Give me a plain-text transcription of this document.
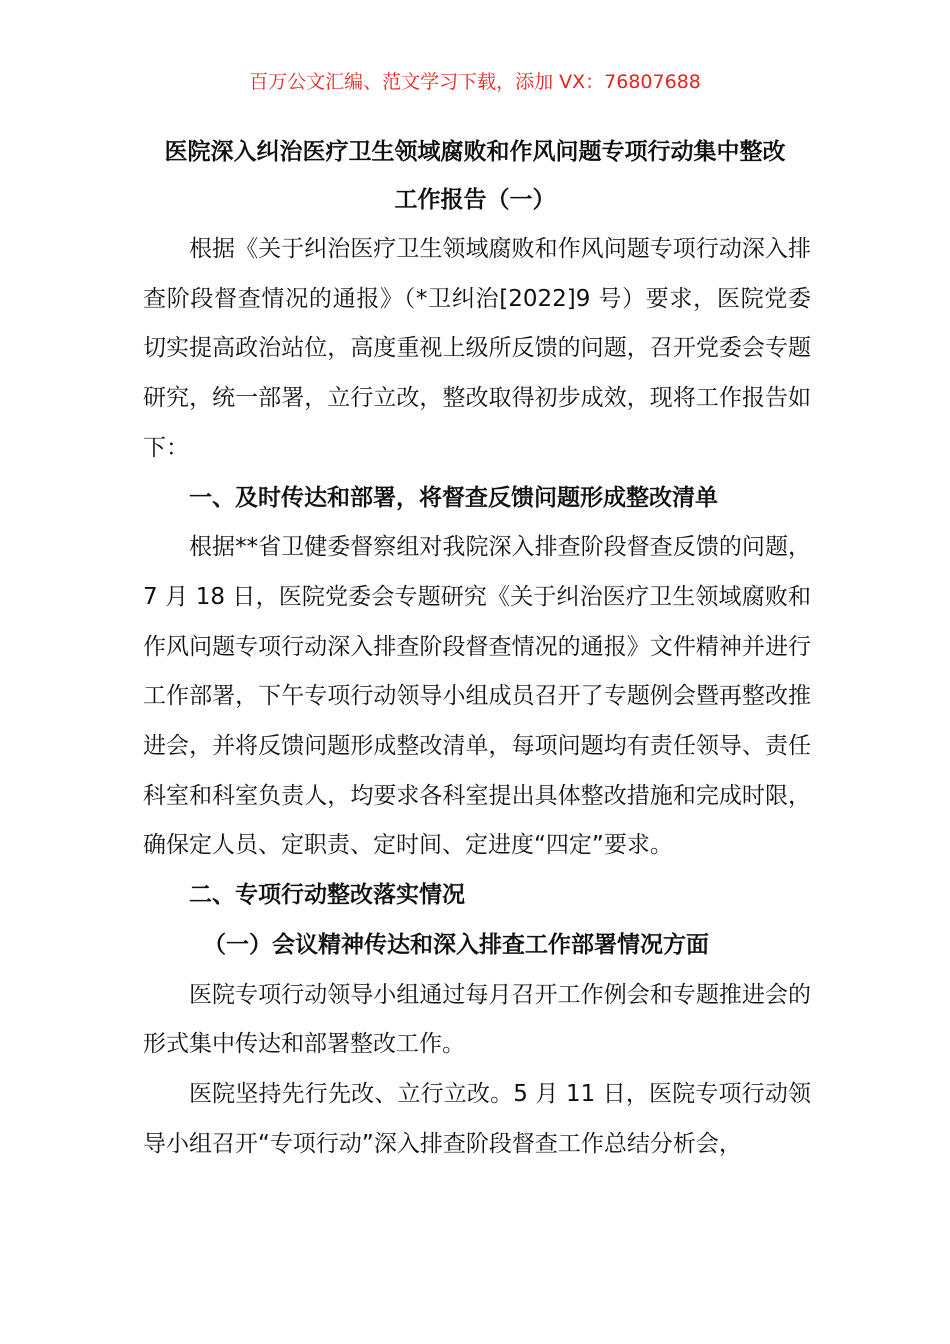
百万公文汇编、范文学习下载，添加 VX：76807688
医院深入纠治医疗卫生领域腐败和作风问题专项行动集中整改
工作报告（一）

根据《关于纠治医疗卫生领域腐败和作风问题专项行动深入排查阶段督查情况的通报》（*卫纠治[2022]9 号）要求，医院党委切实提高政治站位，高度重视上级所反馈的问题，召开党委会专题研究，统一部署，立行立改，整改取得初步成效，现将工作报告如下：

一、及时传达和部署，将督查反馈问题形成整改清单

根据**省卫健委督察组对我院深入排查阶段督查反馈的问题，7 月 18 日，医院党委会专题研究《关于纠治医疗卫生领域腐败和作风问题专项行动深入排查阶段督查情况的通报》文件精神并进行工作部署，下午专项行动领导小组成员召开了专题例会暨再整改推进会，并将反馈问题形成整改清单，每项问题均有责任领导、责任科室和科室负责人，均要求各科室提出具体整改措施和完成时限，确保定人员、定职责、定时间、定进度“四定”要求。

二、专项行动整改落实情况

（一）会议精神传达和深入排查工作部署情况方面

医院专项行动领导小组通过每月召开工作例会和专题推进会的形式集中传达和部署整改工作。

医院坚持先行先改、立行立改。5 月 11 日，医院专项行动领导小组召开“专项行动”深入排查阶段督查工作总结分析会，
